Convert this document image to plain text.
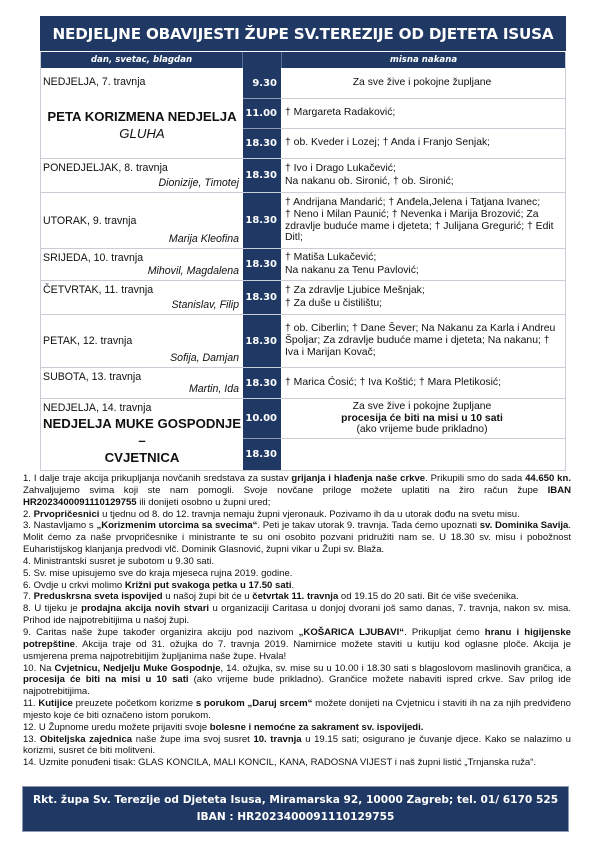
NEDJELJNE OBAVIJESTI ŽUPE SV.TEREZIJE OD DJETETA ISUSA
dan, svetac, blagdan	misna nakana
NEDJELJA, 7. travnja
PETA KORIZMENA NEDJELJA
GLUHA
9.30
11.00
18.30
Za sve žive i pokojne župljane
† Margareta Radaković;
† ob. Kveder i Lozej; † Anda i Franjo Senjak;
PONEDJELJAK, 8. travnja
Dionizije, Timotej
18.30
† Ivo i Drago Lukačević;
Na nakanu ob. Sironić, † ob. Sironić;
UTORAK, 9. travnja
Marija Kleofina
18.30
† Andrijana Mandarić; † Anđela,Jelena i Tatjana Ivanec;
† Neno i Milan Paunić; † Nevenka i Marija Brozović; Za
zdravlje buduće mame i djeteta; † Julijana Gregurić; † Edit
Ditl;
SRIJEDA, 10. travnja
Mihovil, Magdalena
18.30
† Matiša Lukačević;
Na nakanu za Tenu Pavlović;
ČETVRTAK, 11. travnja
Stanislav, Filip
18.30
† Za zdravlje Ljubice Mešnjak;
† Za duše u čistilištu;
PETAK, 12. travnja
Sofija, Damjan
18.30
† ob. Ciberlin; † Dane Šever; Na Nakanu za Karla i Andreu
Špoljar; Za zdravlje buduće mame i djeteta; Na nakanu; †
Iva i Marijan Kovač;
SUBOTA, 13. travnja
Martin, Ida 18.30 † Marica Ćosić; † Iva Koštić; † Mara Pletikosić;
NEDJELJA, 14. travnja
NEDJELJA MUKE GOSPODNJE –
CVJETNICA
10.00
18.30
Za sve žive i pokojne župljane
procesija će biti na misi u 10 sati
(ako vrijeme bude prikladno)

1. I dalje traje akcija prikupljanja novčanih sredstava za sustav grijanja i hlađenja naše crkve. Prikupili smo do sada 44.650 kn. Zahvaljujemo svima koji ste nam pomogli. Svoje novčane priloge možete uplatiti na žiro račun župe IBAN HR2023400091110129755 ili donijeti osobno u župni ured;

2. Prvopričesnici u tjednu od 8. do 12. travnja nemaju župni vjeronauk. Pozivamo ih da u utorak dođu na svetu misu.

3. Nastavljamo s „Korizmenim utorcima sa svecima“. Peti je takav utorak 9. travnja. Tada ćemo upoznati sv. Dominika Savija. Molit ćemo za naše prvopričesnike i ministrante te su oni osobito pozvani pridružiti nam se. U 18.30 sv. misu i pobožnost Euharistijskog klanjanja predvodi vlč. Dominik Glasnović, župni vikar u Župi sv. Blaža.

4. Ministrantski susret je subotom u 9.30 sati.

5. Sv. mise upisujemo sve do kraja mjeseca rujna 2019. godine.

6. Ovdje u crkvi molimo Križni put svakoga petka u 17.50 sati.

7. Preduskrsna sveta ispovijed u našoj župi bit će u četvrtak 11. travnja od 19.15 do 20 sati. Bit će više svećenika.

8. U tijeku je prodajna akcija novih stvari u organizaciji Caritasa u donjoj dvorani još samo danas, 7. travnja, nakon sv. misa. Prihod ide najpotrebitijima u našoj župi.

9. Caritas naše župe također organizira akciju pod nazivom „KOŠARICA LJUBAVI“. Prikupljat ćemo hranu i higijenske potrepštine. Akcija traje od 31. ožujka do 7. travnja 2019. Namirnice možete staviti u kutiju kod oglasne ploče. Akcija je usmjerena prema najpotrebitijim župljanima naše župe. Hvala!

10. Na Cvjetnicu, Nedjelju Muke Gospodnje, 14. ožujka, sv. mise su u 10.00 i 18.30 sati s blagoslovom maslinovih grančica, a procesija će biti na misi u 10 sati (ako vrijeme bude prikladno). Grančice možete nabaviti ispred crkve. Sav prilog ide najpotrebitijima.

11. Kutijice preuzete početkom korizme s porukom „Daruj srcem“ možete donijeti na Cvjetnicu i staviti ih na za njih predviđeno mjesto koje će biti označeno istom porukom.

12. U Župnome uredu možete prijaviti svoje bolesne i nemoćne za sakrament sv. ispovijedi.

13. Obiteljska zajednica naše župe ima svoj susret 10. travnja u 19.15 sati; osigurano je čuvanje djece. Kako se nalazimo u korizmi, susret će biti molitveni.

14. Uzmite ponuđeni tisak: GLAS KONCILA, MALI KONCIL, KANA, RADOSNA VIJEST i naš župni listić „Trnjanska ruža“.

Rkt. župa Sv. Terezije od Djeteta Isusa, Miramarska 92, 10000 Zagreb; tel. 01/ 6170 525
IBAN : HR2023400091110129755
